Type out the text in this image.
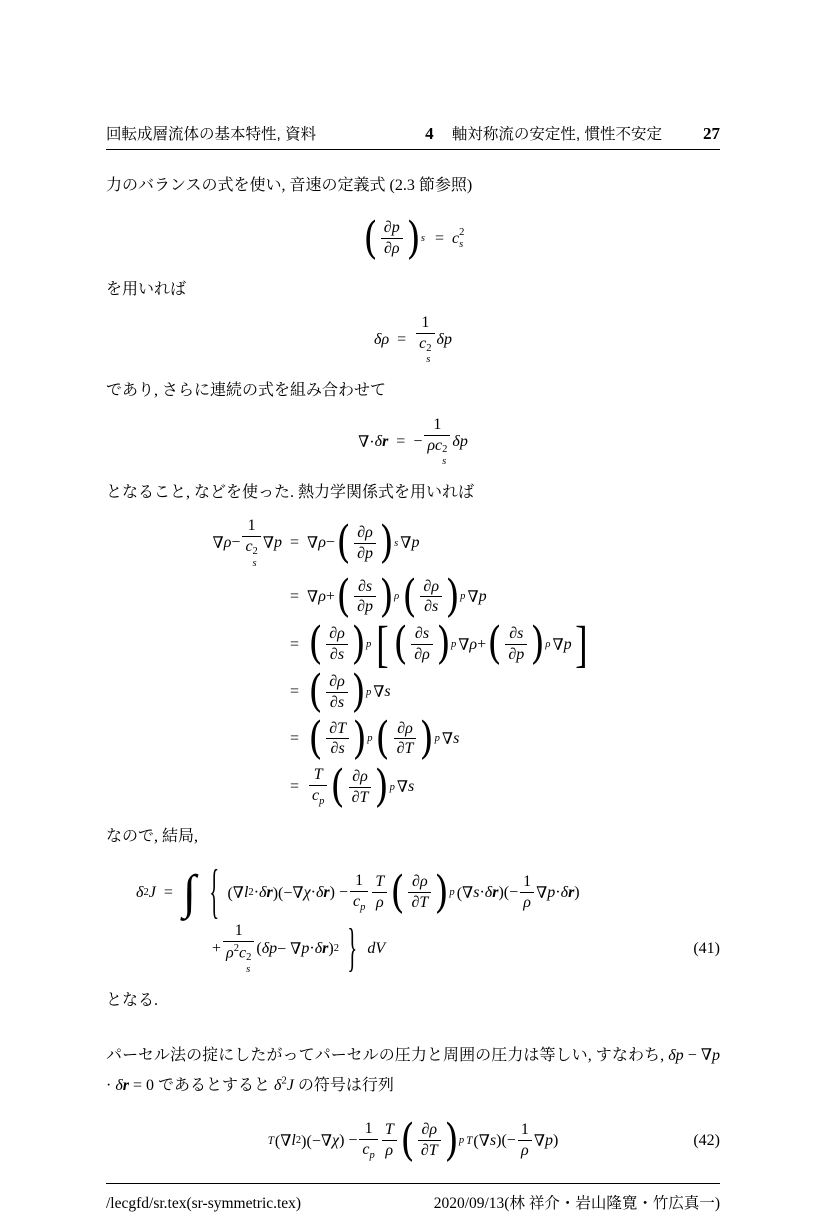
回転成層流体の基本特性, 資料	4 軸対称流の安定性, 慣性不安定	27

力のバランスの式を使い, 音速の定義式 (2.3 節参照)

( $\frac{\partial p}{\partial\rho}$ ) s = c 2
s

を用いれば

δρ = 1
c 2
s δp

であり, さらに連続の式を組み合わせて

∇· δ r = − 1
ρc 2
s δp

となること, などを使った. 熱力学関係式を用いれば

∇ ρ − 1
c 2
s ∇ p = ∇ ρ − ( $\frac{\partial\rho}{\partial p}$ ) s ∇ p
= ∇ ρ + ( $\frac{\partial s}{\partial p}$ ) ρ ( $\frac{\partial\rho}{\partial s}$ ) p ∇ p
= ( $\frac{\partial\rho}{\partial s}$ ) p [ ( $\frac{\partial s}{\partial\rho}$ ) p ∇ ρ + ( $\frac{\partial s}{\partial p}$ ) ρ ∇ p ]
= ( $\frac{\partial\rho}{\partial s}$ ) p ∇ s
= ( $\frac{\partial T}{\partial s}$ ) p ( $\frac{\partial\rho}{\partial T}$ ) p ∇ s
= $\frac{T}{c_p}$ ( $\frac{\partial\rho}{\partial T}$ ) p ∇ s

なので, 結局,

δ 2 J = ∫ { (∇ l 2 · δ r )(−∇ χ · δ r ) − $\frac{1}{c_p} \frac{T}{\rho}$ ( $\frac{\partial\rho}{\partial T}$ ) p (∇ s · δ r )(− $\frac{1}{\rho}$ ∇ p · δ r )
+ 1
$\rho^2c$ 2
s ( δp − ∇ p · δ r ) 2 } dV	(41)

となる.

パーセル法の掟にしたがってパーセルの圧力と周囲の圧力は等しい, すなわち, δp − ∇p · δr = 0 であるとすると $\delta^2J$ の符号は行列

T (∇ l 2 )(−∇ χ ) − $\frac{1}{c_p} \frac{T}{\rho}$ ( $\frac{\partial\rho}{\partial T}$ ) p T (∇ s )(− $\frac{1}{\rho}$ ∇ p )	(42)
/lecgfd/sr.tex(sr-symmetric.tex)	2020/09/13(林 祥介・岩山隆寛・竹広真一)
